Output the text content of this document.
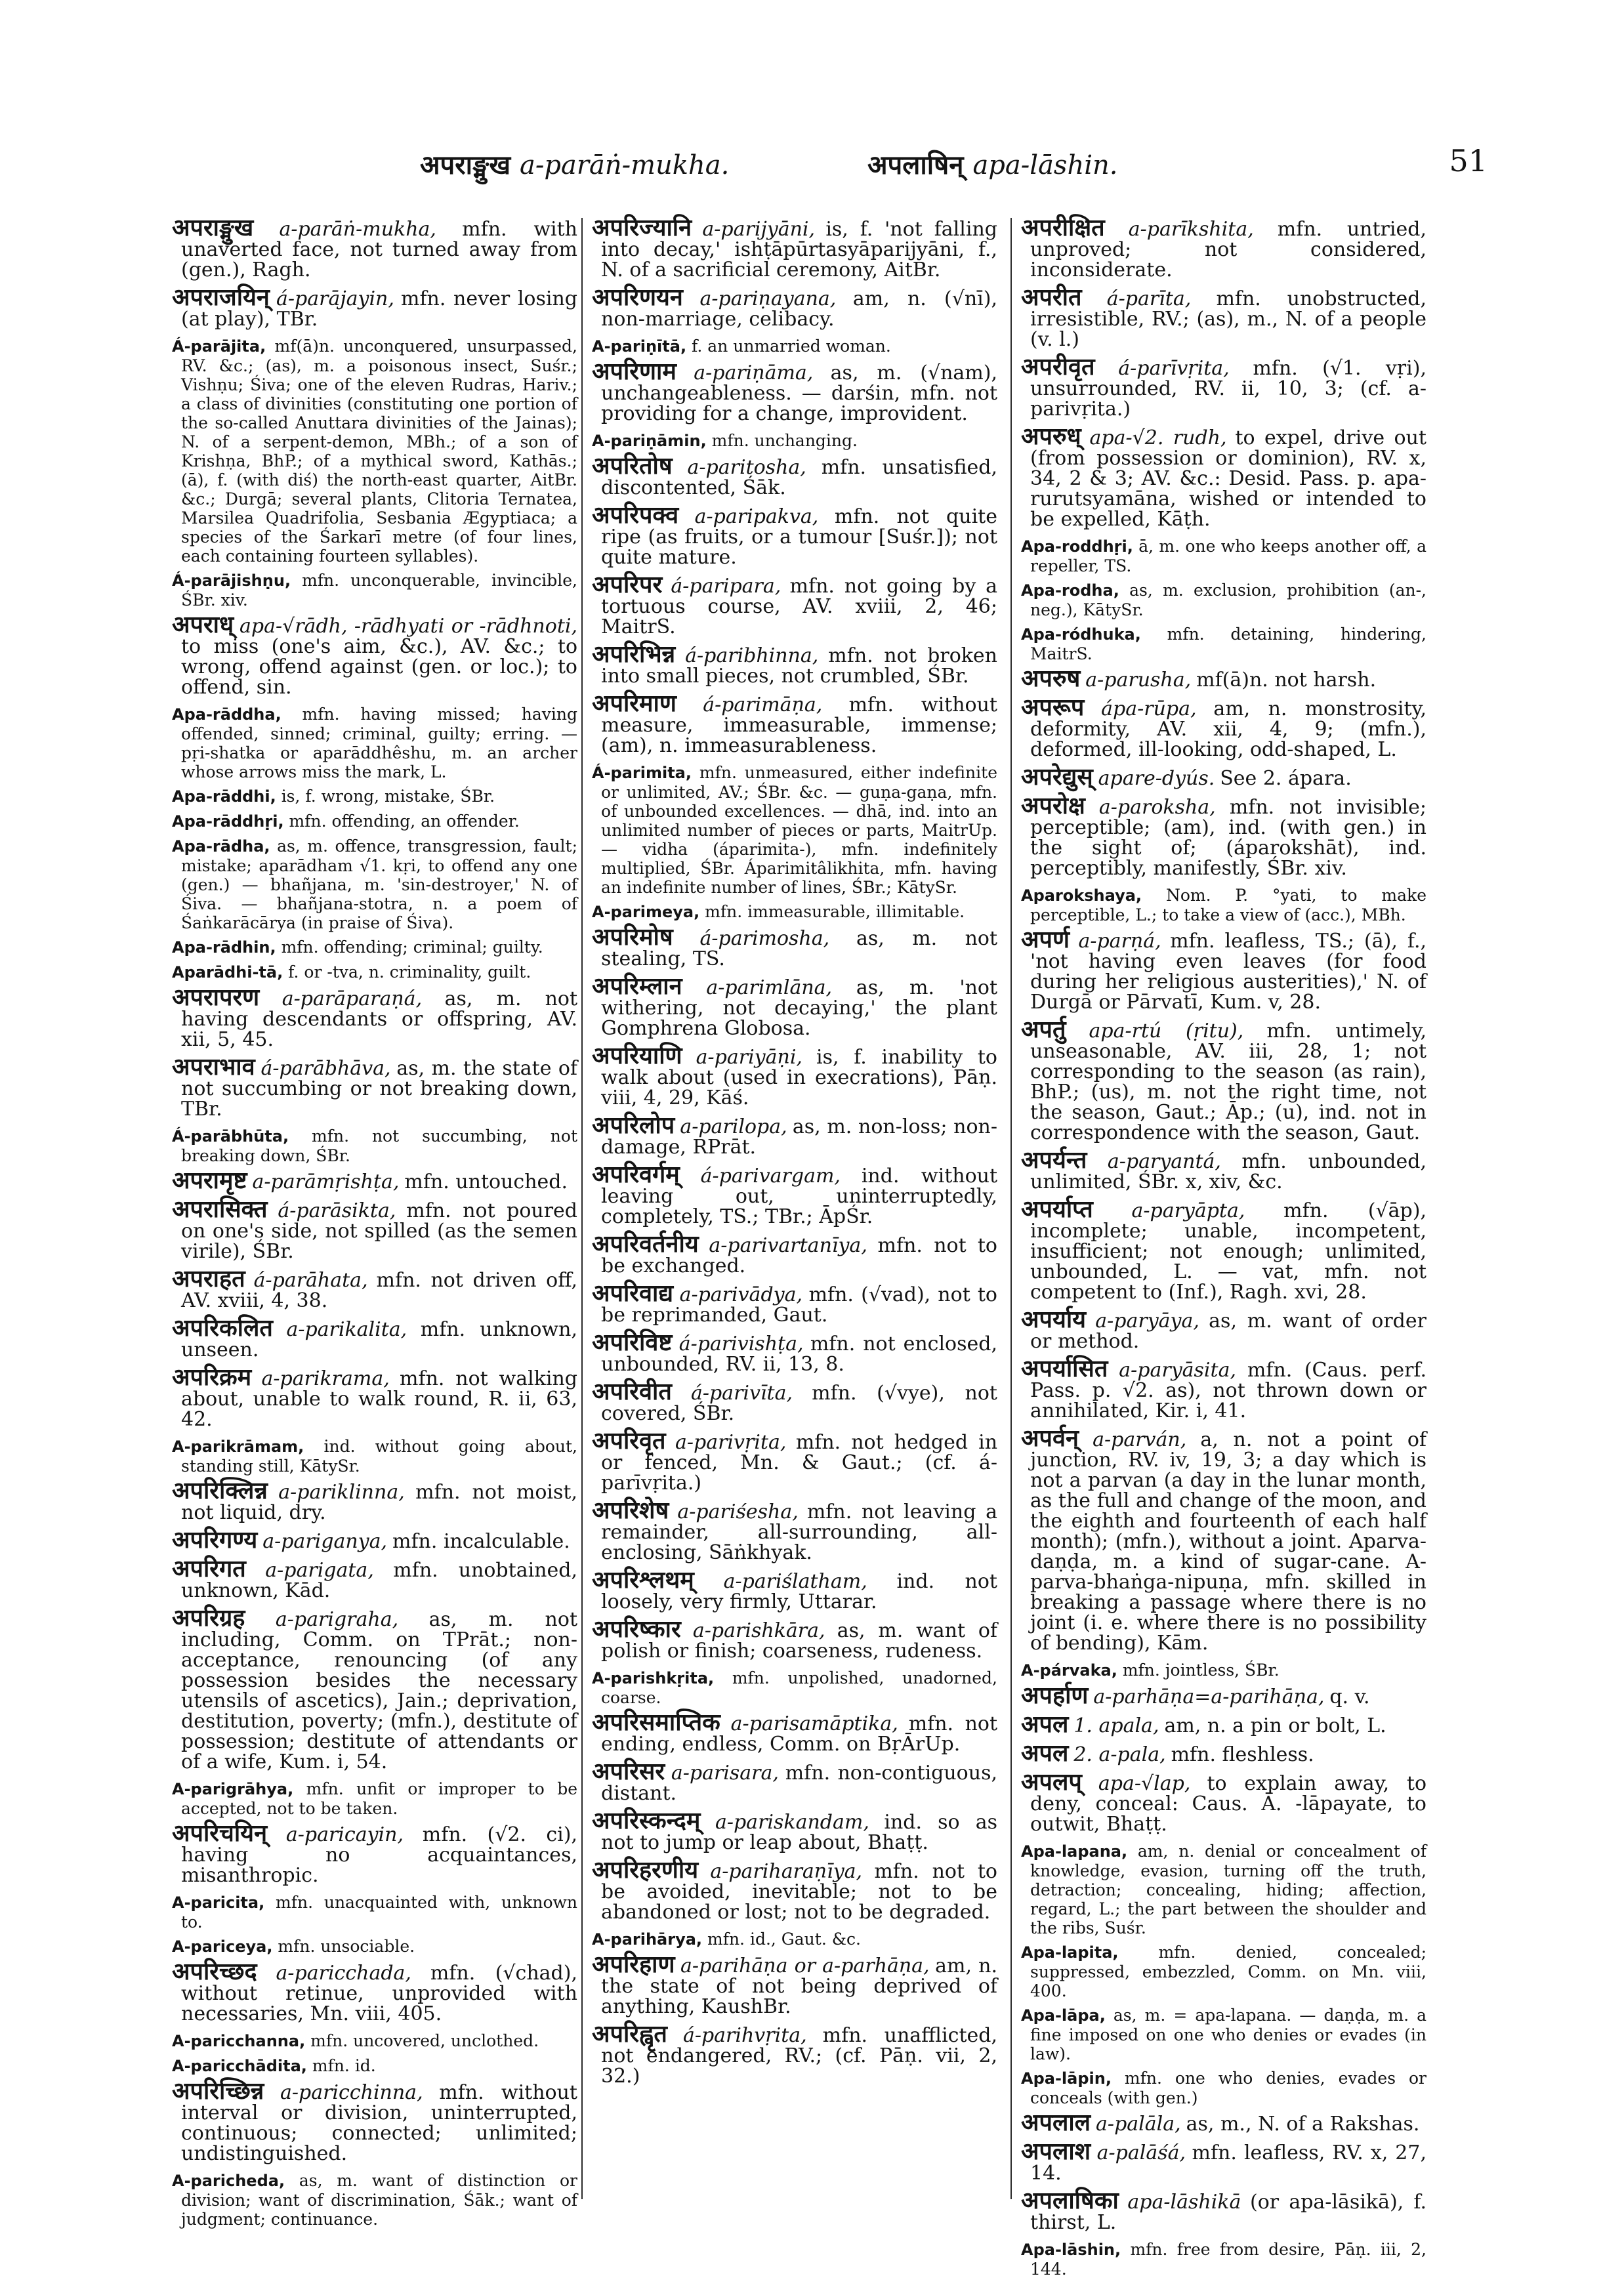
अपराङ्मुख a-parāṅ-mukha.	अपलाषिन् apa-lāshin.	51

अपराङ्मुख a-parāṅ-mukha, mfn. with unaverted face, not turned away from (gen.), Ragh.

अपराजयिन् á-parājayin, mfn. never losing (at play), TBr.

Á-parājita, mf(ā)n. unconquered, unsurpassed, RV. &c.; (as), m. a poisonous insect, Suśr.; Vishṇu; Śiva; one of the eleven Rudras, Hariv.; a class of divinities (constituting one portion of the so-called Anuttara divinities of the Jainas); N. of a serpent-demon, MBh.; of a son of Krishṇa, BhP.; of a mythical sword, Kathās.; (ā), f. (with diś) the north-east quarter, AitBr. &c.; Durgā; several plants, Clitoria Ternatea, Marsilea Quadrifolia, Sesbania Ægyptiaca; a species of the Śarkarī metre (of four lines, each containing fourteen syllables).

Á-parājishṇu, mfn. unconquerable, invincible, ŚBr. xiv.

अपराध् apa-√rādh, -rādhyati or -rādhnoti, to miss (one's aim, &c.), AV. &c.; to wrong, offend against (gen. or loc.); to offend, sin.

Apa-rāddha, mfn. having missed; having offended, sinned; criminal, guilty; erring. — pṛi-shatka or aparāddhêshu, m. an archer whose arrows miss the mark, L.

Apa-rāddhi, is, f. wrong, mistake, ŚBr.

Apa-rāddhṛi, mfn. offending, an offender.

Apa-rādha, as, m. offence, transgression, fault; mistake; aparādham √1. kṛi, to offend any one (gen.) — bhañjana, m. 'sin-destroyer,' N. of Śiva. — bhañjana-stotra, n. a poem of Śaṅkarācārya (in praise of Śiva).

Apa-rādhin, mfn. offending; criminal; guilty.

Aparādhi-tā, f. or -tva, n. criminality, guilt.

अपरापरण a-parāparaṇá, as, m. not having descendants or offspring, AV. xii, 5, 45.

अपराभाव á-parābhāva, as, m. the state of not succumbing or not breaking down, TBr.

Á-parābhūta, mfn. not succumbing, not breaking down, ŚBr.

अपरामृष्ट a-parāmṛishṭa, mfn. untouched.

अपरासिक्त á-parāsikta, mfn. not poured on one's side, not spilled (as the semen virile), ŚBr.

अपराहत á-parāhata, mfn. not driven off, AV. xviii, 4, 38.

अपरिकलित a-parikalita, mfn. unknown, unseen.

अपरिक्रम a-parikrama, mfn. not walking about, unable to walk round, R. ii, 63, 42.

A-parikrāmam, ind. without going about, standing still, KātySr.

अपरिक्लिन्न a-pariklinna, mfn. not moist, not liquid, dry.

अपरिगण्य a-pariganya, mfn. incalculable.

अपरिगत a-parigata, mfn. unobtained, unknown, Kād.

अपरिग्रह a-parigraha, as, m. not including, Comm. on TPrāt.; non-acceptance, renouncing (of any possession besides the necessary utensils of ascetics), Jain.; deprivation, destitution, poverty; (mfn.), destitute of possession; destitute of attendants or of a wife, Kum. i, 54.

A-parigrāhya, mfn. unfit or improper to be accepted, not to be taken.

अपरिचयिन् a-paricayin, mfn. (√2. ci), having no acquaintances, misanthropic.

A-paricita, mfn. unacquainted with, unknown to.

A-pariceya, mfn. unsociable.

अपरिच्छद a-paricchada, mfn. (√chad), without retinue, unprovided with necessaries, Mn. viii, 405.

A-paricchanna, mfn. uncovered, unclothed.

A-paricchādita, mfn. id.

अपरिच्छिन्न a-paricchinna, mfn. without interval or division, uninterrupted, continuous; connected; unlimited; undistinguished.

A-paricheda, as, m. want of distinction or division; want of discrimination, Śāk.; want of judgment; continuance.

अपरिज्यानि a-parijyāni, is, f. 'not falling into decay,' ishṭāpūrtasyāparijyāni, f., N. of a sacrificial ceremony, AitBr.

अपरिणयन a-pariṇayana, am, n. (√nī), non-marriage, celibacy.

A-pariṇītā, f. an unmarried woman.

अपरिणाम a-pariṇāma, as, m. (√nam), unchangeableness. — darśin, mfn. not providing for a change, improvident.

A-pariṇāmin, mfn. unchanging.

अपरितोष a-paritosha, mfn. unsatisfied, discontented, Śāk.

अपरिपक्व a-paripakva, mfn. not quite ripe (as fruits, or a tumour [Suśr.]); not quite mature.

अपरिपर á-paripara, mfn. not going by a tortuous course, AV. xviii, 2, 46; MaitrS.

अपरिभिन्न á-paribhinna, mfn. not broken into small pieces, not crumbled, ŚBr.

अपरिमाण á-parimāṇa, mfn. without measure, immeasurable, immense; (am), n. immeasurableness.

Á-parimita, mfn. unmeasured, either indefinite or unlimited, AV.; ŚBr. &c. — guṇa-gaṇa, mfn. of unbounded excellences. — dhā, ind. into an unlimited number of pieces or parts, MaitrUp. — vidha (áparimita-), mfn. indefinitely multiplied, ŚBr. Áparimitâlikhita, mfn. having an indefinite number of lines, ŚBr.; KātySr.

A-parimeya, mfn. immeasurable, illimitable.

अपरिमोष á-parimosha, as, m. not stealing, TS.

अपरिम्लान a-parimlāna, as, m. 'not withering, not decaying,' the plant Gomphrena Globosa.

अपरियाणि a-pariyāṇi, is, f. inability to walk about (used in execrations), Pāṇ. viii, 4, 29, Kāś.

अपरिलोप a-parilopa, as, m. non-loss; non-damage, RPrāt.

अपरिवर्गम् á-parivargam, ind. without leaving out, uninterruptedly, completely, TS.; TBr.; ĀpŚr.

अपरिवर्तनीय a-parivartanīya, mfn. not to be exchanged.

अपरिवाद्य a-parivādya, mfn. (√vad), not to be reprimanded, Gaut.

अपरिविष्ट á-parivishṭa, mfn. not enclosed, unbounded, RV. ii, 13, 8.

अपरिवीत á-parivīta, mfn. (√vye), not covered, ŚBr.

अपरिवृत a-parivṛita, mfn. not hedged in or fenced, Mn. & Gaut.; (cf. á-parīvṛita.)

अपरिशेष a-pariśesha, mfn. not leaving a remainder, all-surrounding, all-enclosing, Sāṅkhyak.

अपरिश्लथम् a-pariślatham, ind. not loosely, very firmly, Uttarar.

अपरिष्कार a-parishkāra, as, m. want of polish or finish; coarseness, rudeness.

A-parishkṛita, mfn. unpolished, unadorned, coarse.

अपरिसमाप्तिक a-parisamāptika, mfn. not ending, endless, Comm. on BṛĀrUp.

अपरिसर a-parisara, mfn. non-contiguous, distant.

अपरिस्कन्दम् a-pariskandam, ind. so as not to jump or leap about, Bhaṭṭ.

अपरिहरणीय a-pariharaṇīya, mfn. not to be avoided, inevitable; not to be abandoned or lost; not to be degraded.

A-parihārya, mfn. id., Gaut. &c.

अपरिहाण a-parihāṇa or a-parhāṇa, am, n. the state of not being deprived of anything, KaushBr.

अपरिह्वृत á-parihvṛita, mfn. unafflicted, not endangered, RV.; (cf. Pāṇ. vii, 2, 32.)

अपरीक्षित a-parīkshita, mfn. untried, unproved; not considered, inconsiderate.

अपरीत á-parīta, mfn. unobstructed, irresistible, RV.; (as), m., N. of a people (v. l.)

अपरीवृत á-parīvṛita, mfn. (√1. vṛi), unsurrounded, RV. ii, 10, 3; (cf. a-parivṛita.)

अपरुध् apa-√2. rudh, to expel, drive out (from possession or dominion), RV. x, 34, 2 & 3; AV. &c.: Desid. Pass. p. apa-rurutsyamāna, wished or intended to be expelled, Kāṭh.

Apa-roddhṛi, ā, m. one who keeps another off, a repeller, TS.

Apa-rodha, as, m. exclusion, prohibition (an-, neg.), KātySr.

Apa-ródhuka, mfn. detaining, hindering, MaitrS.

अपरुष a-parusha, mf(ā)n. not harsh.

अपरूप ápa-rūpa, am, n. monstrosity, deformity, AV. xii, 4, 9; (mfn.), deformed, ill-looking, odd-shaped, L.

अपरेद्युस् apare-dyús. See 2. ápara.

अपरोक्ष a-paroksha, mfn. not invisible; perceptible; (am), ind. (with gen.) in the sight of; (áparokshāt), ind. perceptibly, manifestly, ŚBr. xiv.

Aparokshaya, Nom. P. °yati, to make perceptible, L.; to take a view of (acc.), MBh.

अपर्ण a-parṇá, mfn. leafless, TS.; (ā), f., 'not having even leaves (for food during her religious austerities),' N. of Durgā or Pārvatī, Kum. v, 28.

अपर्तु apa-rtú (ṛitu), mfn. untimely, unseasonable, AV. iii, 28, 1; not corresponding to the season (as rain), BhP.; (us), m. not the right time, not the season, Gaut.; Āp.; (u), ind. not in correspondence with the season, Gaut.

अपर्यन्त a-paryantá, mfn. unbounded, unlimited, ŚBr. x, xiv, &c.

अपर्याप्त a-paryāpta, mfn. (√āp), incomplete; unable, incompetent, insufficient; not enough; unlimited, unbounded, L. — vat, mfn. not competent to (Inf.), Ragh. xvi, 28.

अपर्याय a-paryāya, as, m. want of order or method.

अपर्यासित a-paryāsita, mfn. (Caus. perf. Pass. p. √2. as), not thrown down or annihilated, Kir. i, 41.

अपर्वन् a-parván, a, n. not a point of junction, RV. iv, 19, 3; a day which is not a parvan (a day in the lunar month, as the full and change of the moon, and the eighth and fourteenth of each half month); (mfn.), without a joint. Aparva-daṇḍa, m. a kind of sugar-cane. A-parva-bhaṅga-nipuṇa, mfn. skilled in breaking a passage where there is no joint (i. e. where there is no possibility of bending), Kām.

A-párvaka, mfn. jointless, ŚBr.

अपर्हाण a-parhāṇa=a-parihāṇa, q. v.

अपल 1. apala, am, n. a pin or bolt, L.

अपल 2. a-pala, mfn. fleshless.

अपलप् apa-√lap, to explain away, to deny, conceal: Caus. Ā. -lāpayate, to outwit, Bhaṭṭ.

Apa-lapana, am, n. denial or concealment of knowledge, evasion, turning off the truth, detraction; concealing, hiding; affection, regard, L.; the part between the shoulder and the ribs, Suśr.

Apa-lapita, mfn. denied, concealed; suppressed, embezzled, Comm. on Mn. viii, 400.

Apa-lāpa, as, m. = apa-lapana. — daṇḍa, m. a fine imposed on one who denies or evades (in law).

Apa-lāpin, mfn. one who denies, evades or conceals (with gen.)

अपलाल a-palāla, as, m., N. of a Rakshas.

अपलाश a-palāśá, mfn. leafless, RV. x, 27, 14.

अपलाषिका apa-lāshikā (or apa-lāsikā), f. thirst, L.

Apa-lāshin, mfn. free from desire, Pāṇ. iii, 2, 144.
